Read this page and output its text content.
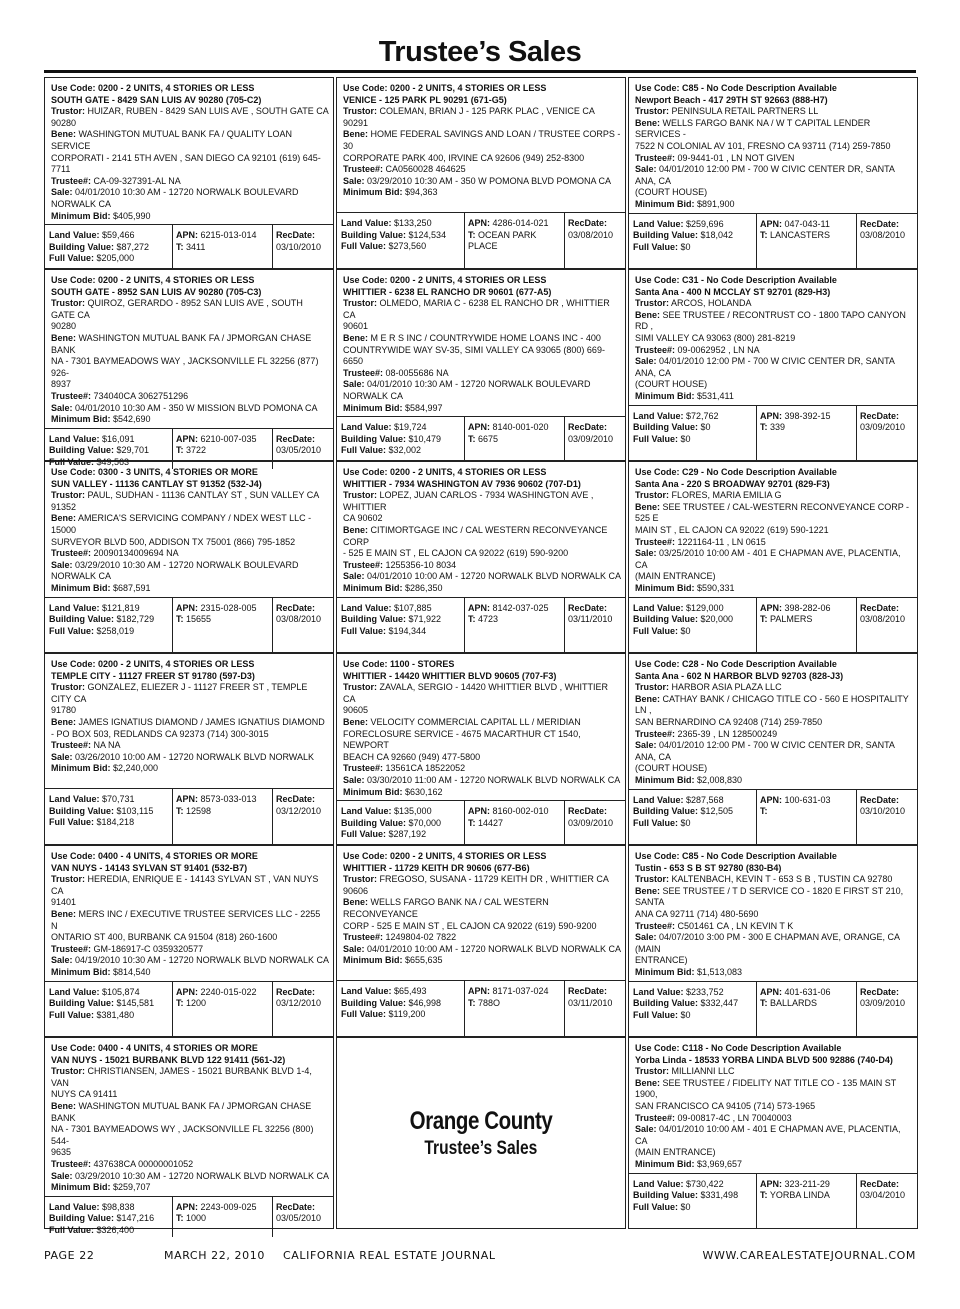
Trustee’s Sales
Use Code: 0200 - 2 UNITS, 4 STORIES OR LESS
SOUTH GATE - 8429 SAN LUIS AV 90280 (705-C2)
Trustor: HUIZAR, RUBEN - 8429 SAN LUIS AVE , SOUTH GATE CA
90280
Bene: WASHINGTON MUTUAL BANK FA / QUALITY LOAN SERVICE
CORPORATI - 2141 5TH AVEN , SAN DIEGO CA 92101 (619) 645-7711
Trustee#: CA-09-327391-AL NA
Sale: 04/01/2010 10:30 AM - 12720 NORWALK BOULEVARD
NORWALK CA
Minimum Bid: $405,990
Land Value: $59,466
Building Value: $87,272
Full Value: $205,000
APN: 6215-013-014
T: 3411
RecDate:
03/10/2010
Use Code: 0200 - 2 UNITS, 4 STORIES OR LESS
VENICE - 125 PARK PL 90291 (671-G5)
Trustor: COLEMAN, BRIAN J - 125 PARK PLAC , VENICE CA 90291
Bene: HOME FEDERAL SAVINGS AND LOAN / TRUSTEE CORPS - 30
CORPORATE PARK 400, IRVINE CA 92606 (949) 252-8300
Trustee#: CA0560028 464625
Sale: 03/29/2010 10:30 AM - 350 W POMONA BLVD POMONA CA
Minimum Bid: $94,363
Land Value: $133,250
Building Value: $124,534
Full Value: $273,560
APN: 4286-014-021
T: OCEAN PARK PLACE
RecDate:
03/08/2010
Use Code: C85 - No Code Description Available
Newport Beach - 417 29TH ST 92663 (888-H7)
Trustor: PENINSULA RETAIL PARTNERS LL
Bene: WELLS FARGO BANK NA / W T CAPITAL LENDER SERVICES -
7522 N COLONIAL AV 101, FRESNO CA 93711 (714) 259-7850
Trustee#: 09-9441-01 , LN NOT GIVEN
Sale: 04/01/2010 12:00 PM - 700 W CIVIC CENTER DR, SANTA ANA, CA
(COURT HOUSE)
Minimum Bid: $891,900
Land Value: $259,696
Building Value: $18,042
Full Value: $0
APN: 047-043-11
T: LANCASTERS
RecDate:
03/08/2010
Use Code: 0200 - 2 UNITS, 4 STORIES OR LESS
SOUTH GATE - 8952 SAN LUIS AV 90280 (705-C3)
Trustor: QUIROZ, GERARDO - 8952 SAN LUIS AVE , SOUTH GATE CA
90280
Bene: WASHINGTON MUTUAL BANK FA / JPMORGAN CHASE BANK
NA - 7301 BAYMEADOWS WAY , JACKSONVILLE FL 32256 (877) 926-
8937
Trustee#: 734040CA 3062751296
Sale: 04/01/2010 10:30 AM - 350 W MISSION BLVD POMONA CA
Minimum Bid: $542,690
Land Value: $16,091
Building Value: $29,701
Full Value: $49,563
APN: 6210-007-035
T: 3722
RecDate:
03/05/2010
Use Code: 0200 - 2 UNITS, 4 STORIES OR LESS
WHITTIER - 6238 EL RANCHO DR 90601 (677-A5)
Trustor: OLMEDO, MARIA C - 6238 EL RANCHO DR , WHITTIER CA
90601
Bene: M E R S INC / COUNTRYWIDE HOME LOANS INC - 400
COUNTRYWIDE WAY SV-35, SIMI VALLEY CA 93065 (800) 669-6650
Trustee#: 08-0055686 NA
Sale: 04/01/2010 10:30 AM - 12720 NORWALK BOULEVARD
NORWALK CA
Minimum Bid: $584,997
Land Value: $19,724
Building Value: $10,479
Full Value: $32,002
APN: 8140-001-020
T: 6675
RecDate:
03/09/2010
Use Code: C31 - No Code Description Available
Santa Ana - 400 N MCCLAY ST 92701 (829-H3)
Trustor: ARCOS, HOLANDA
Bene: SEE TRUSTEE / RECONTRUST CO - 1800 TAPO CANYON RD ,
SIMI VALLEY CA 93063 (800) 281-8219
Trustee#: 09-0062952 , LN NA
Sale: 04/01/2010 12:00 PM - 700 W CIVIC CENTER DR, SANTA ANA, CA
(COURT HOUSE)
Minimum Bid: $531,411
Land Value: $72,762
Building Value: $0
Full Value: $0
APN: 398-392-15
T: 339
RecDate:
03/09/2010
Use Code: 0300 - 3 UNITS, 4 STORIES OR MORE
SUN VALLEY - 11136 CANTLAY ST 91352 (532-J4)
Trustor: PAUL, SUDHAN - 11136 CANTLAY ST , SUN VALLEY CA 91352
Bene: AMERICA'S SERVICING COMPANY / NDEX WEST LLC - 15000
SURVEYOR BLVD 500, ADDISON TX 75001 (866) 795-1852
Trustee#: 20090134009694 NA
Sale: 03/29/2010 10:30 AM - 12720 NORWALK BOULEVARD
NORWALK CA
Minimum Bid: $687,591
Land Value: $121,819
Building Value: $182,729
Full Value: $258,019
APN: 2315-028-005
T: 15655
RecDate:
03/08/2010
Use Code: 0200 - 2 UNITS, 4 STORIES OR LESS
WHITTIER - 7934 WASHINGTON AV 7936 90602 (707-D1)
Trustor: LOPEZ, JUAN CARLOS - 7934 WASHINGTON AVE , WHITTIER
CA 90602
Bene: CITIMORTGAGE INC / CAL WESTERN RECONVEYANCE CORP
- 525 E MAIN ST , EL CAJON CA 92022 (619) 590-9200
Trustee#: 1255356-10 8034
Sale: 04/01/2010 10:00 AM - 12720 NORWALK BLVD NORWALK CA
Minimum Bid: $286,350
Land Value: $107,885
Building Value: $71,922
Full Value: $194,344
APN: 8142-037-025
T: 4723
RecDate:
03/11/2010
Use Code: C29 - No Code Description Available
Santa Ana - 220 S BROADWAY 92701 (829-F3)
Trustor: FLORES, MARIA EMILIA G
Bene: SEE TRUSTEE / CAL-WESTERN RECONVEYANCE CORP - 525 E
MAIN ST , EL CAJON CA 92022 (619) 590-1221
Trustee#: 1221164-11 , LN 0615
Sale: 03/25/2010 10:00 AM - 401 E CHAPMAN AVE, PLACENTIA, CA
(MAIN ENTRANCE)
Minimum Bid: $590,331
Land Value: $129,000
Building Value: $20,000
Full Value: $0
APN: 398-282-06
T: PALMERS
RecDate:
03/08/2010
Use Code: 0200 - 2 UNITS, 4 STORIES OR LESS
TEMPLE CITY - 11127 FREER ST 91780 (597-D3)
Trustor: GONZALEZ, ELIEZER J - 11127 FREER ST , TEMPLE CITY CA
91780
Bene: JAMES IGNATIUS DIAMOND / JAMES IGNATIUS DIAMOND
- PO BOX 503, REDLANDS CA 92373 (714) 300-3015
Trustee#: NA NA
Sale: 03/26/2010 10:00 AM - 12720 NORWALK BLVD NORWALK
Minimum Bid: $2,240,000
Land Value: $70,731
Building Value: $103,115
Full Value: $184,218
APN: 8573-033-013
T: 12598
RecDate:
03/12/2010
Use Code: 1100 - STORES
WHITTIER - 14420 WHITTIER BLVD 90605 (707-F3)
Trustor: ZAVALA, SERGIO - 14420 WHITTIER BLVD , WHITTIER CA
90605
Bene: VELOCITY COMMERCIAL CAPITAL LL / MERIDIAN
FORECLOSURE SERVICE - 4675 MACARTHUR CT 1540, NEWPORT
BEACH CA 92660 (949) 477-5800
Trustee#: 13561CA 18522052
Sale: 03/30/2010 11:00 AM - 12720 NORWALK BLVD NORWALK CA
Minimum Bid: $630,162
Land Value: $135,000
Building Value: $70,000
Full Value: $287,192
APN: 8160-002-010
T: 14427
RecDate:
03/09/2010
Use Code: C28 - No Code Description Available
Santa Ana - 602 N HARBOR BLVD 92703 (828-J3)
Trustor: HARBOR ASIA PLAZA LLC
Bene: CATHAY BANK / CHICAGO TITLE CO - 560 E HOSPITALITY LN ,
SAN BERNARDINO CA 92408 (714) 259-7850
Trustee#: 2365-39 , LN 128500249
Sale: 04/01/2010 12:00 PM - 700 W CIVIC CENTER DR, SANTA ANA, CA
(COURT HOUSE)
Minimum Bid: $2,008,830
Land Value: $287,568
Building Value: $12,505
Full Value: $0
APN: 100-631-03
T:
RecDate:
03/10/2010
Use Code: 0400 - 4 UNITS, 4 STORIES OR MORE
VAN NUYS - 14143 SYLVAN ST 91401 (532-B7)
Trustor: HEREDIA, ENRIQUE E - 14143 SYLVAN ST , VAN NUYS CA
91401
Bene: MERS INC / EXECUTIVE TRUSTEE SERVICES LLC - 2255 N
ONTARIO ST 400, BURBANK CA 91504 (818) 260-1600
Trustee#: GM-186917-C 0359320577
Sale: 04/19/2010 10:30 AM - 12720 NORWALK BLVD NORWALK CA
Minimum Bid: $814,540
Land Value: $105,874
Building Value: $145,581
Full Value: $381,480
APN: 2240-015-022
T: 1200
RecDate:
03/12/2010
Use Code: 0200 - 2 UNITS, 4 STORIES OR LESS
WHITTIER - 11729 KEITH DR 90606 (677-B6)
Trustor: FREGOSO, SUSANA - 11729 KEITH DR , WHITTIER CA 90606
Bene: WELLS FARGO BANK NA / CAL WESTERN RECONVEYANCE
CORP - 525 E MAIN ST , EL CAJON CA 92022 (619) 590-9200
Trustee#: 1249804-02 7822
Sale: 04/01/2010 10:00 AM - 12720 NORWALK BLVD NORWALK CA
Minimum Bid: $655,635
Land Value: $65,493
Building Value: $46,998
Full Value: $119,200
APN: 8171-037-024
T: 788O
RecDate:
03/11/2010
Use Code: C85 - No Code Description Available
Tustin - 653 S B ST 92780 (830-B4)
Trustor: KALTENBACH, KEVIN T - 653 S B , TUSTIN CA 92780
Bene: SEE TRUSTEE / T D SERVICE CO - 1820 E FIRST ST 210, SANTA
ANA CA 92711 (714) 480-5690
Trustee#: C501461 CA , LN KEVIN T K
Sale: 04/07/2010 3:00 PM - 300 E CHAPMAN AVE, ORANGE, CA (MAIN
ENTRANCE)
Minimum Bid: $1,513,083
Land Value: $233,752
Building Value: $332,447
Full Value: $0
APN: 401-631-06
T: BALLARDS
RecDate:
03/09/2010
Use Code: 0400 - 4 UNITS, 4 STORIES OR MORE
VAN NUYS - 15021 BURBANK BLVD 122 91411 (561-J2)
Trustor: CHRISTIANSEN, JAMES - 15021 BURBANK BLVD 1-4, VAN
NUYS CA 91411
Bene: WASHINGTON MUTUAL BANK FA / JPMORGAN CHASE BANK
NA - 7301 BAYMEADOWS WY , JACKSONVILLE FL 32256 (800) 544-
9635
Trustee#: 437638CA 00000001052
Sale: 03/29/2010 10:30 AM - 12720 NORWALK BLVD NORWALK CA
Minimum Bid: $259,707
Land Value: $98,838
Building Value: $147,216
Full Value: $326,400
APN: 2243-009-025
T: 1000
RecDate:
03/05/2010
Orange County
Trustee’s Sales
Use Code: C118 - No Code Description Available
Yorba Linda - 18533 YORBA LINDA BLVD 500 92886 (740-D4)
Trustor: MILLIANNI LLC
Bene: SEE TRUSTEE / FIDELITY NAT TITLE CO - 135 MAIN ST 1900,
SAN FRANCISCO CA 94105 (714) 573-1965
Trustee#: 09-00817-4C , LN 70040003
Sale: 04/01/2010 10:00 AM - 401 E CHAPMAN AVE, PLACENTIA, CA
(MAIN ENTRANCE)
Minimum Bid: $3,969,657
Land Value: $730,422
Building Value: $331,498
Full Value: $0
APN: 323-211-29
T: YORBA LINDA
RecDate:
03/04/2010
PAGE 22	MARCH 22, 2010 CALIFORNIA REAL ESTATE JOURNAL	WWW.CAREALESTATEJOURNAL.COM
